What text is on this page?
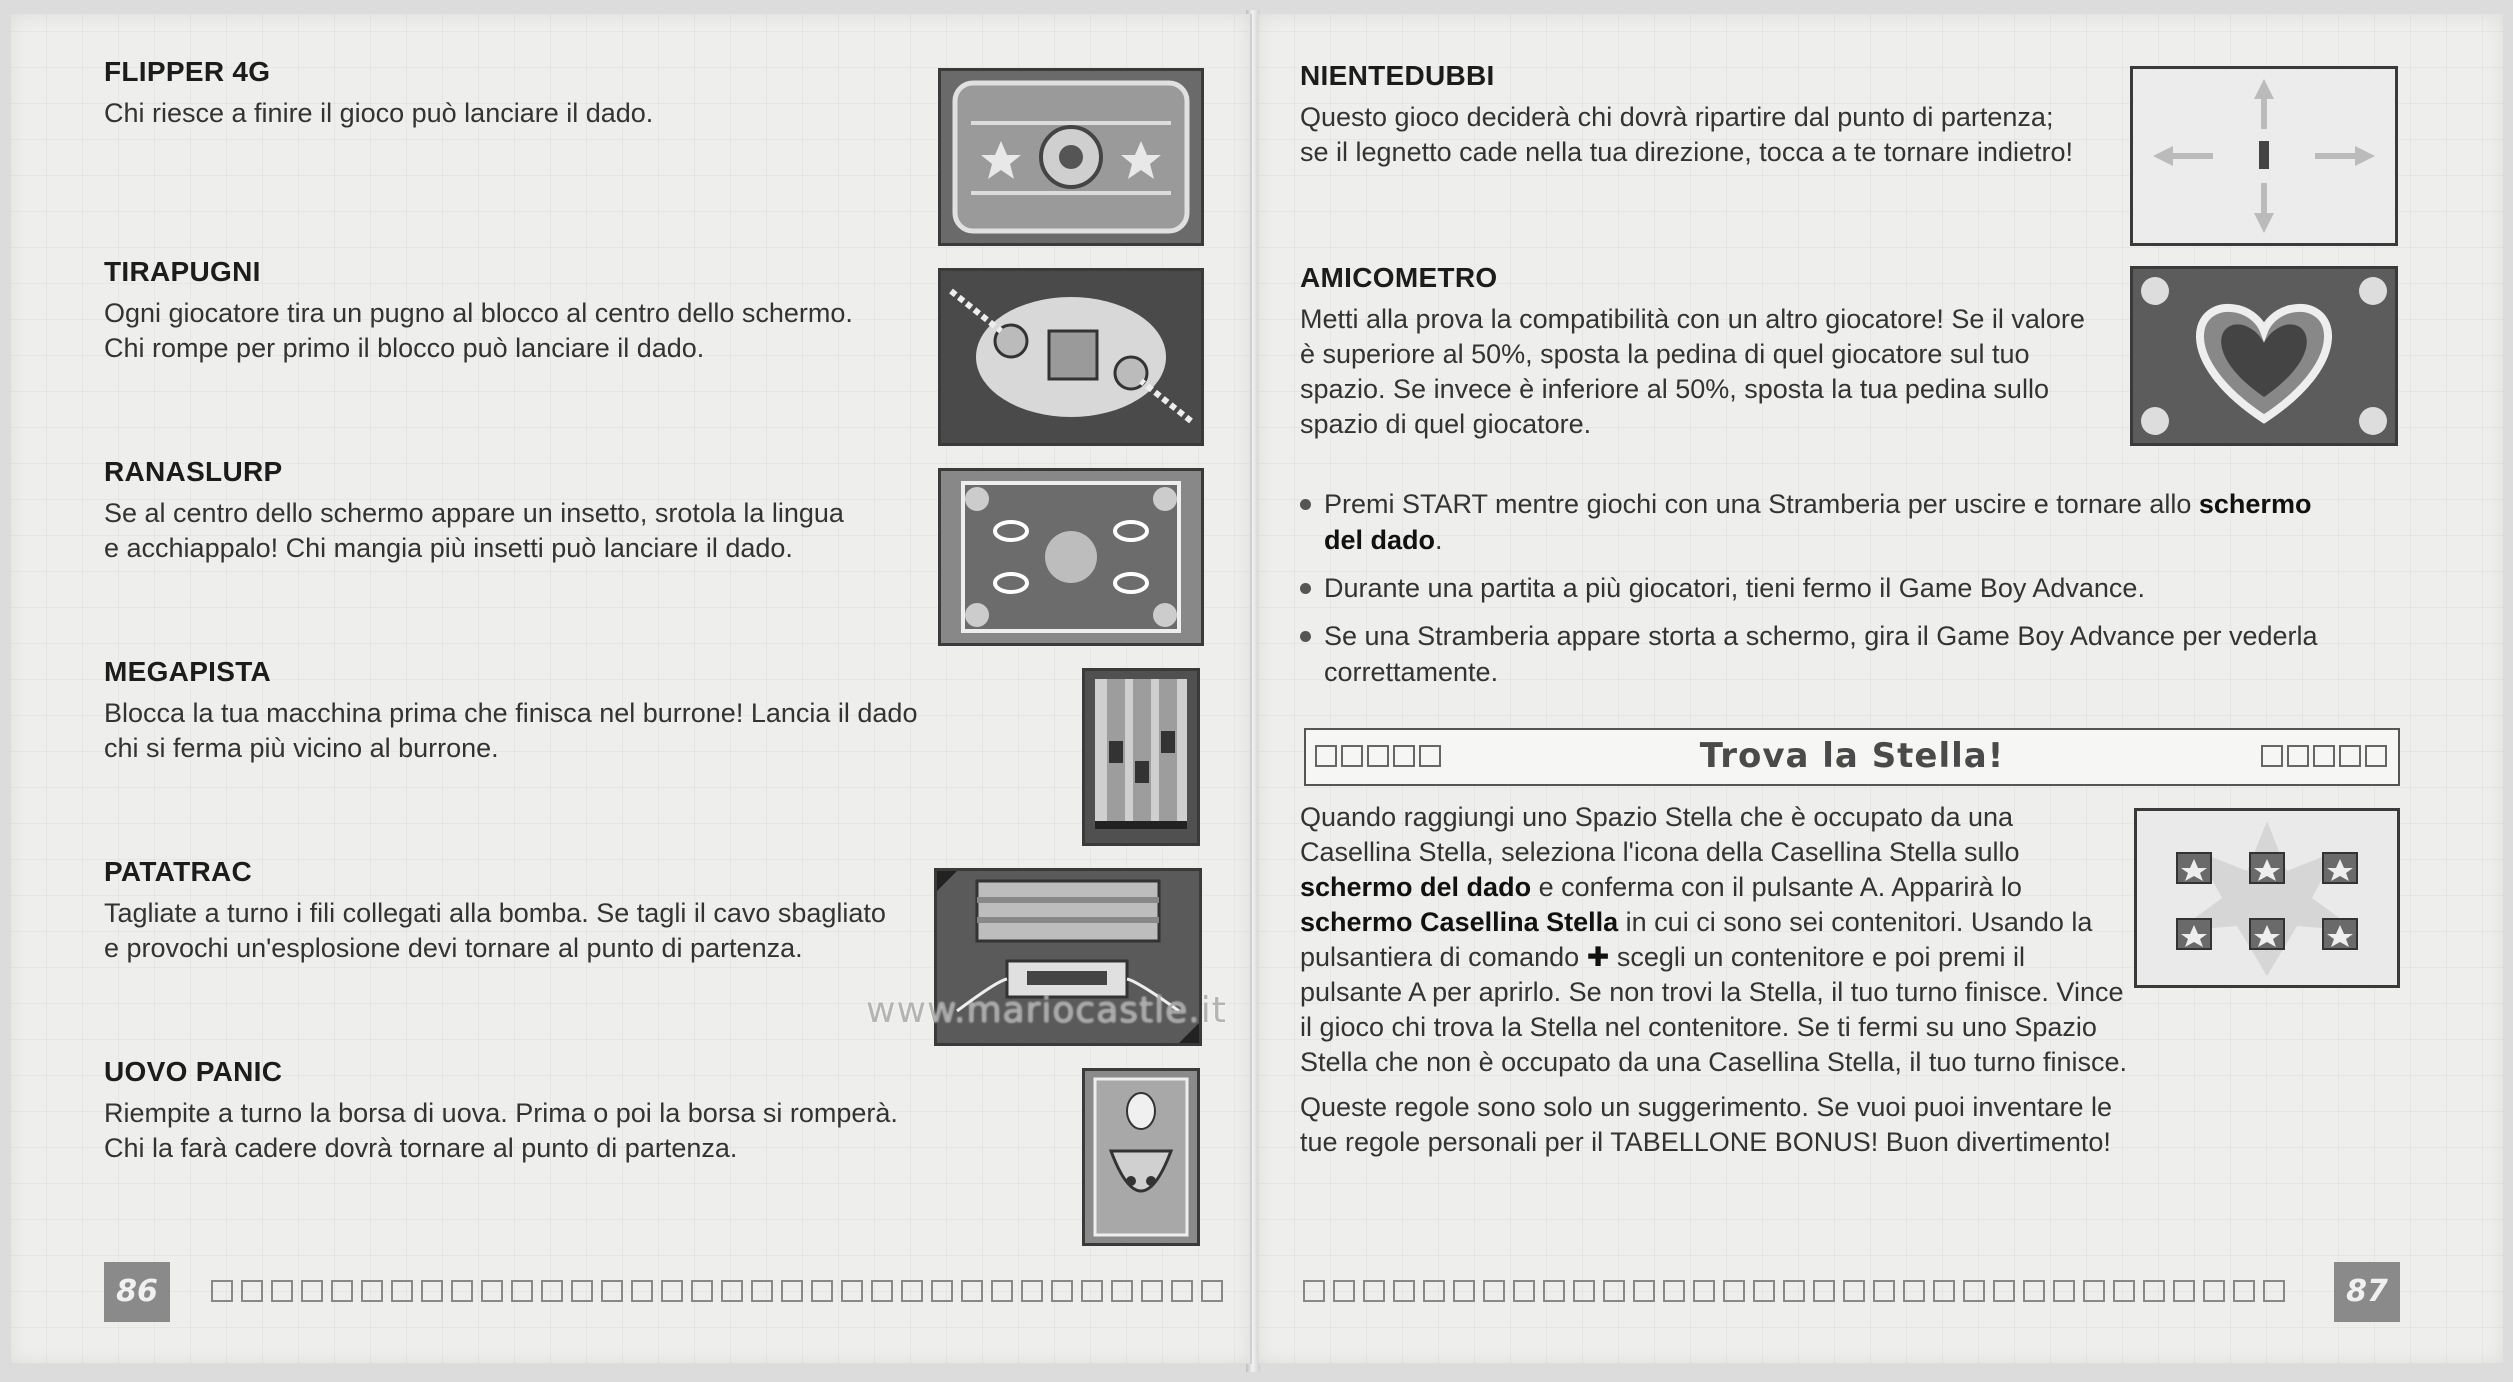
FLIPPER 4G

Chi riesce a finire il gioco può lanciare il dado.

TIRAPUGNI

Ogni giocatore tira un pugno al blocco al centro dello schermo.

Chi rompe per primo il blocco può lanciare il dado.

RANASLURP

Se al centro dello schermo appare un insetto, srotola la lingua

e acchiappalo! Chi mangia più insetti può lanciare il dado.

MEGAPISTA

Blocca la tua macchina prima che finisca nel burrone! Lancia il dado

chi si ferma più vicino al burrone.

PATATRAC

Tagliate a turno i fili collegati alla bomba. Se tagli il cavo sbagliato

e provochi un'esplosione devi tornare al punto di partenza.

UOVO PANIC

Riempite a turno la borsa di uova. Prima o poi la borsa si romperà.

Chi la farà cadere dovrà tornare al punto di partenza.

86
NIENTEDUBBI

Questo gioco deciderà chi dovrà ripartire dal punto di partenza;

se il legnetto cade nella tua direzione, tocca a te tornare indietro!

AMICOMETRO

Metti alla prova la compatibilità con un altro giocatore! Se il valore

è superiore al 50%, sposta la pedina di quel giocatore sul tuo

spazio. Se invece è inferiore al 50%, sposta la tua pedina sullo

spazio di quel giocatore.

Premi START mentre giochi con una Stramberia per uscire e tornare allo schermo del dado.
Durante una partita a più giocatori, tieni fermo il Game Boy Advance.
Se una Stramberia appare storta a schermo, gira il Game Boy Advance per vederla correttamente.
Trova la Stella!

Quando raggiungi uno Spazio Stella che è occupato da una Casellina Stella, seleziona l'icona della Casellina Stella sullo schermo del dado e conferma con il pulsante A. Apparirà lo schermo Casellina Stella in cui ci sono sei contenitori. Usando la pulsantiera di comando ✚ scegli un contenitore e poi premi il pulsante A per aprirlo. Se non trovi la Stella, il tuo turno finisce. Vince il gioco chi trova la Stella nel contenitore. Se ti fermi su uno Spazio Stella che non è occupato da una Casellina Stella, il tuo turno finisce.

Queste regole sono solo un suggerimento. Se vuoi puoi inventare le tue regole personali per il TABELLONE BONUS! Buon divertimento!

87
www.mariocastle.it
